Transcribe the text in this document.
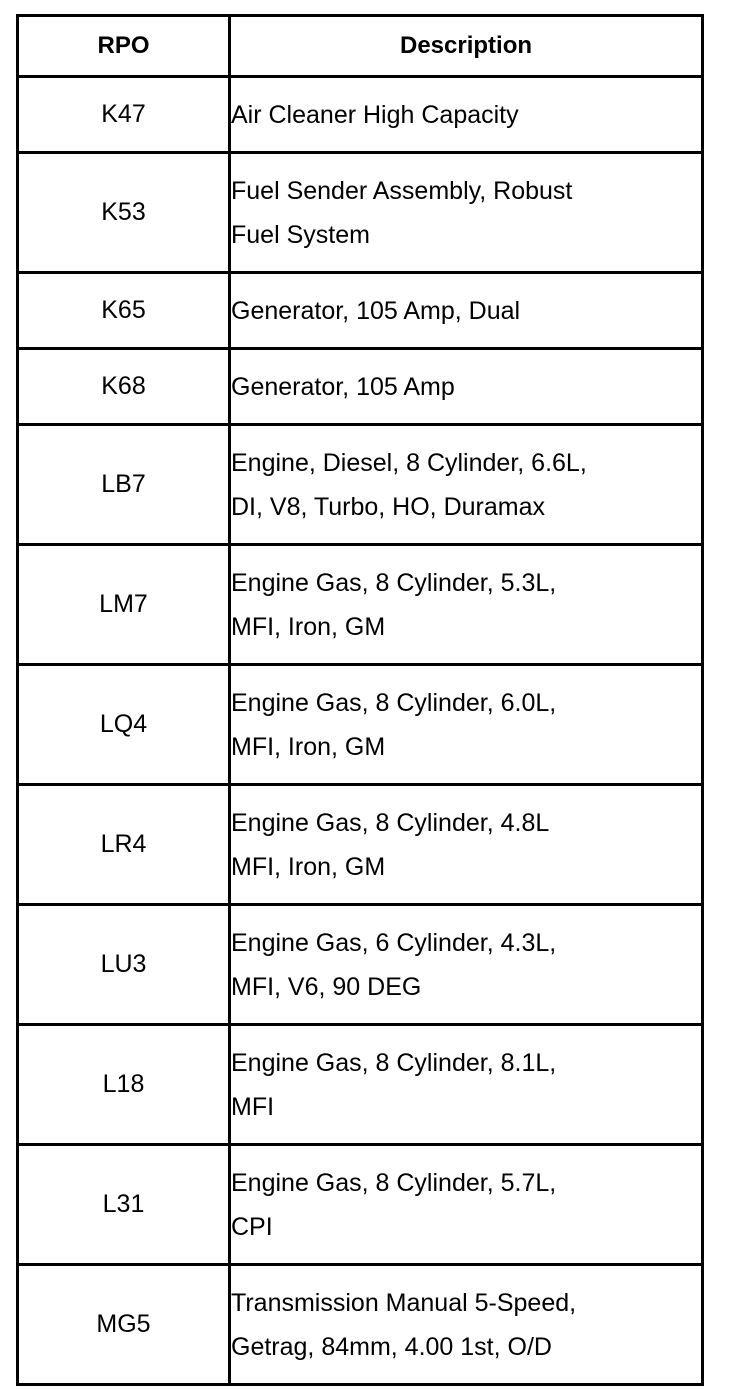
RPO	Description
K47	Air Cleaner High Capacity

K53	Fuel Sender Assembly, Robust
Fuel System

K65	Generator, 105 Amp, Dual

K68	Generator, 105 Amp

LB7	Engine, Diesel, 8 Cylinder, 6.6L,
DI, V8, Turbo, HO, Duramax

LM7	Engine Gas, 8 Cylinder, 5.3L,
MFI, Iron, GM

LQ4	Engine Gas, 8 Cylinder, 6.0L,
MFI, Iron, GM

LR4	Engine Gas, 8 Cylinder, 4.8L
MFI, Iron, GM

LU3	Engine Gas, 6 Cylinder, 4.3L,
MFI, V6, 90 DEG

L18	Engine Gas, 8 Cylinder, 8.1L,
MFI

L31	Engine Gas, 8 Cylinder, 5.7L,
CPI

MG5	Transmission Manual 5-Speed,
Getrag, 84mm, 4.00 1st, O/D
